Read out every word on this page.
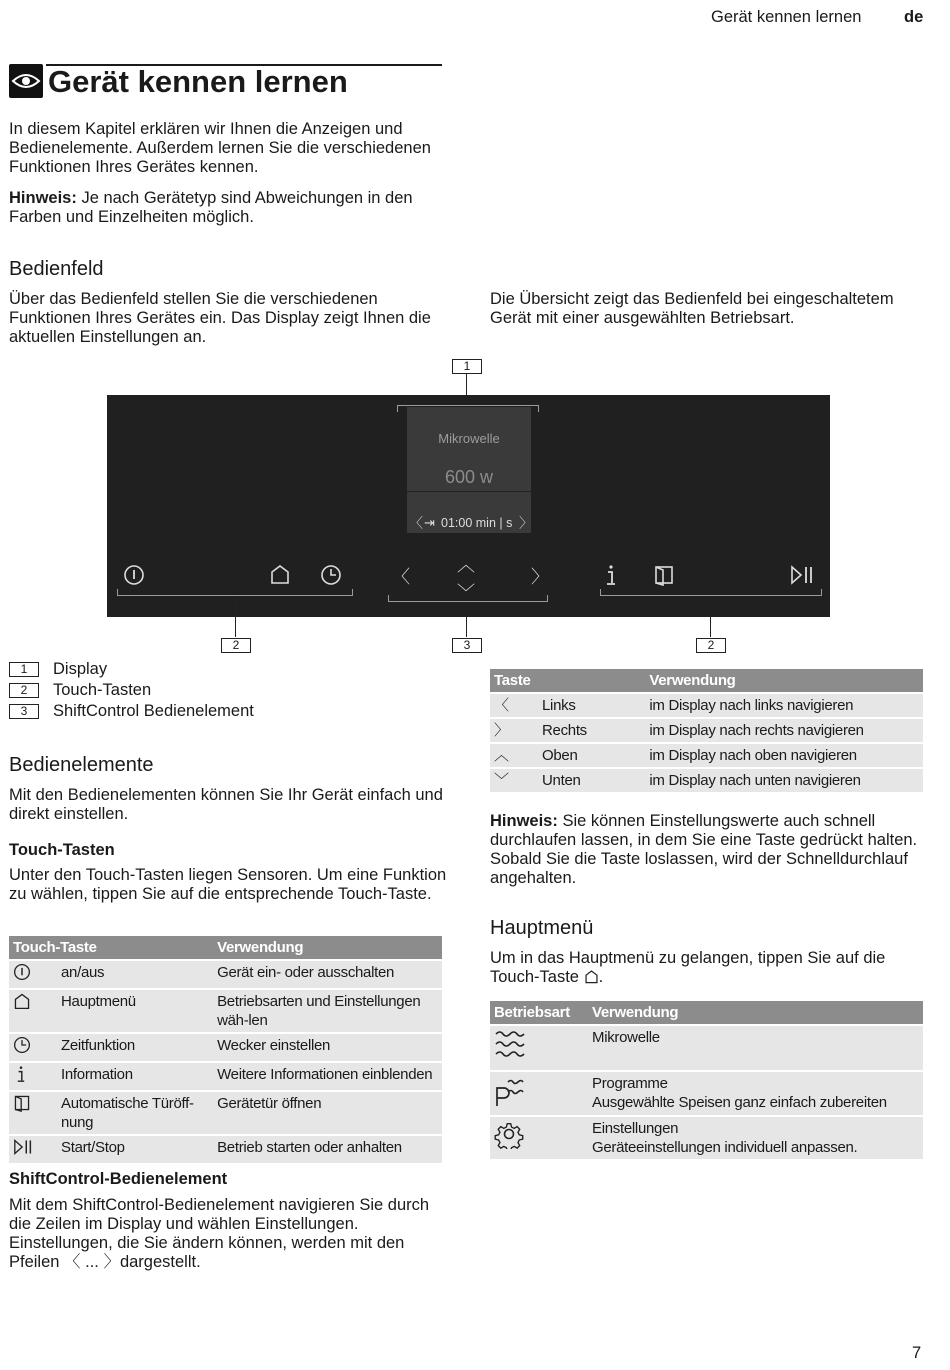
Gerät kennen lernen	de
Gerät kennen lernen
In diesem Kapitel erklären wir Ihnen die Anzeigen und Bedienelemente. Außerdem lernen Sie die verschiedenen Funktionen Ihres Gerätes kennen.
Hinweis: Je nach Gerätetyp sind Abweichungen in den Farben und Einzelheiten möglich.
Bedienfeld
Über das Bedienfeld stellen Sie die verschiedenen Funktionen Ihres Gerätes ein. Das Display zeigt Ihnen die aktuellen Einstellungen an.
Die Übersicht zeigt das Bedienfeld bei eingeschaltetem Gerät mit einer ausgewählten Betriebsart.
1
Mikrowelle
600 w
〈 ⇥ 01:00 min | s 〉
〈
︿
﹀
〉
2	3	2
1 Display
2 Touch-Tasten
3 ShiftControl Bedienelement
Bedienelemente
Mit den Bedienelementen können Sie Ihr Gerät einfach und direkt einstellen.
Touch-Tasten
Unter den Touch-Tasten liegen Sensoren. Um eine Funktion zu wählen, tippen Sie auf die entsprechende Touch-Taste.
Touch-Taste		Verwendung
	an/aus	Gerät ein- oder ausschalten
	Hauptmenü	Betriebsarten und Einstellungen wäh-len
	Zeitfunktion	Wecker einstellen
	Information	Weitere Informationen einblenden
	Automatische Türöff-nung	Gerätetür öffnen
	Start/Stop	Betrieb starten oder anhalten
ShiftControl-Bedienelement
Mit dem ShiftControl-Bedienelement navigieren Sie durch die Zeilen im Display und wählen Einstellungen. Einstellungen, die Sie ändern können, werden mit den Pfeilen 〈 ... 〉dargestellt.
Taste		Verwendung
〈	Links	im Display nach links navigieren
〉	Rechts	im Display nach rechts navigieren
︿	Oben	im Display nach oben navigieren
﹀	Unten	im Display nach unten navigieren
Hinweis: Sie können Einstellungswerte auch schnell durchlaufen lassen, in dem Sie eine Taste gedrückt halten. Sobald Sie die Taste loslassen, wird der Schnelldurchlauf angehalten.
Hauptmenü
Um in das Hauptmenü zu gelangen, tippen Sie auf die Touch-Taste .
Betriebsart	Verwendung

Mikrowelle

Programme
Ausgewählte Speisen ganz einfach zubereiten

Einstellungen
Geräteeinstellungen individuell anpassen.
7
